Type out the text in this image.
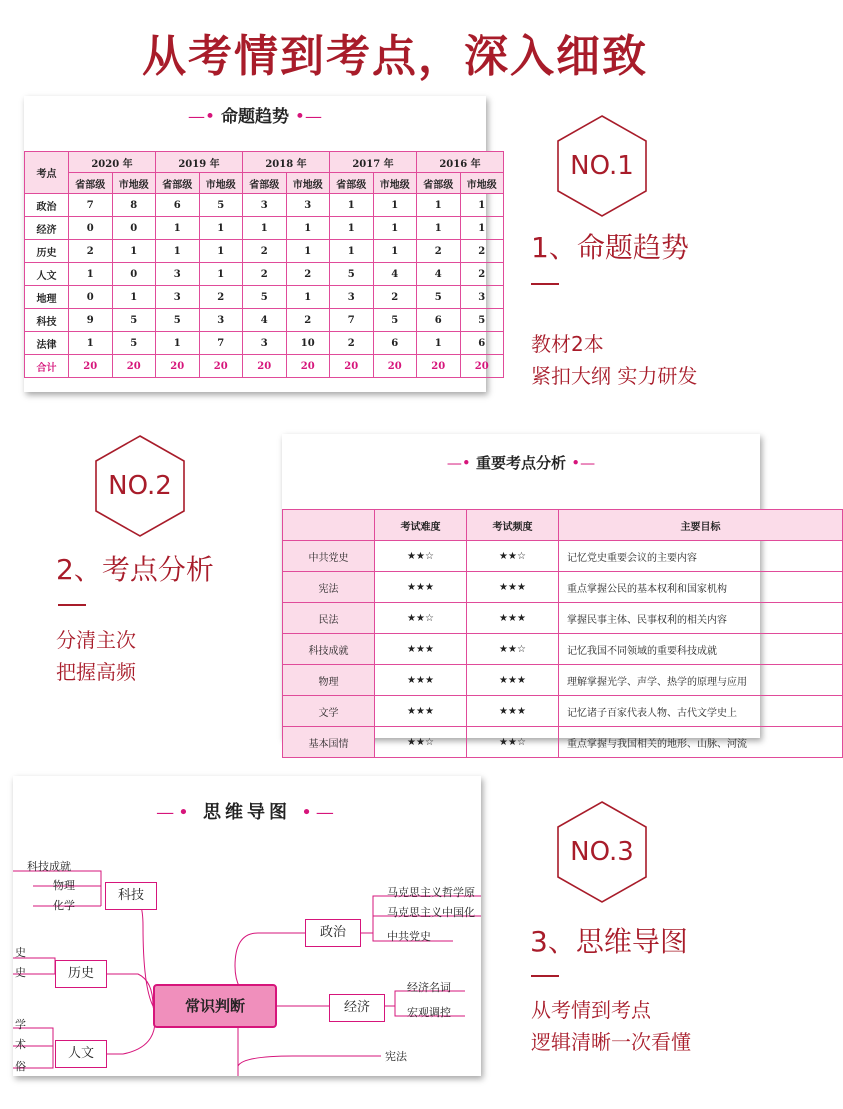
从考情到考点，深入细致
—• 命题趋势 •—
考点	2020 年		2019 年		2018 年		2017 年		2016 年	
	省部级	市地级	省部级	市地级	省部级	市地级	省部级	市地级	省部级	市地级
政治	7	8	6	5	3	3	1	1	1	1
经济	0	0	1	1	1	1	1	1	1	1
历史	2	1	1	1	2	1	1	1	2	2
人文	1	0	3	1	2	2	5	4	4	2
地理	0	1	3	2	5	1	3	2	5	3
科技	9	5	5	3	4	2	7	5	6	5
法律	1	5	1	7	3	10	2	6	1	6
合计	20	20	20	20	20	20	20	20	20	20
NO.1
1、命题趋势
教材2本
紧扣大纲 实力研发
NO.2
2、考点分析
分清主次
把握高频
—• 重要考点分析 •—
	考试难度	考试频度	主要目标
中共党史	★★☆	★★☆	记忆党史重要会议的主要内容
宪法	★★★	★★★	重点掌握公民的基本权利和国家机构
民法	★★☆	★★★	掌握民事主体、民事权利的相关内容
科技成就	★★★	★★☆	记忆我国不同领域的重要科技成就
物理	★★★	★★★	理解掌握光学、声学、热学的原理与应用
文学	★★★	★★★	记忆诸子百家代表人物、古代文学史上
基本国情	★★☆	★★☆	重点掌握与我国相关的地形、山脉、河流
—• 思维导图 •—
科技
科技成就
物理
化学
历史
史
史
人文
学
术
俗
常识判断
政治
马克思主义哲学原
马克思主义中国化
中共党史
经济
经济名词
宏观调控
宪法
NO.3
3、思维导图
从考情到考点
逻辑清晰一次看懂
